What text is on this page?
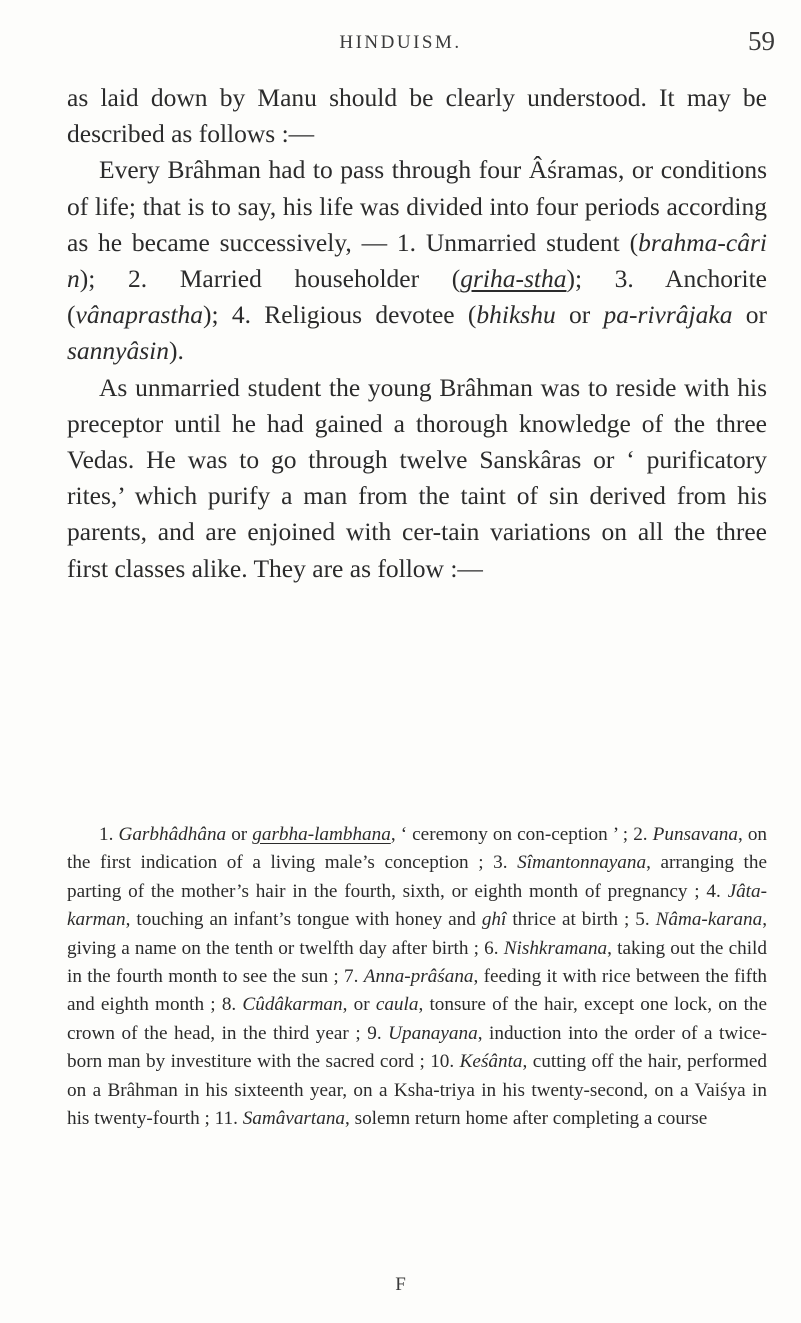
HINDUISM.	59

as laid down by Manu should be clearly understood. It may be described as follows :—

Every Brâhman had to pass through four Âśramas, or conditions of life; that is to say, his life was divided into four periods according as he became successively, — 1. Unmarried student (brahma-câri n); 2. Married householder (griha-stha); 3. Anchorite (vânaprastha); 4. Religious devotee (bhikshu or pa-rivrâjaka or sannyâsin).

As unmarried student the young Brâhman was to reside with his preceptor until he had gained a thorough knowledge of the three Vedas. He was to go through twelve Sanskâras or ‘ purificatory rites,’ which purify a man from the taint of sin derived from his parents, and are enjoined with cer-tain variations on all the three first classes alike. They are as follow :—

1. Garbhâdhâna or garbha-lambhana, ‘ ceremony on con-ception ’ ; 2. Punsavana, on the first indication of a living male’s conception ; 3. Sîmantonnayana, arranging the parting of the mother’s hair in the fourth, sixth, or eighth month of pregnancy ; 4. Jâta-karman, touching an infant’s tongue with honey and ghî thrice at birth ; 5. Nâma-karana, giving a name on the tenth or twelfth day after birth ; 6. Nishkramana, taking out the child in the fourth month to see the sun ; 7. Anna-prâśana, feeding it with rice between the fifth and eighth month ; 8. Cûdâkarman, or caula, tonsure of the hair, except one lock, on the crown of the head, in the third year ; 9. Upanayana, induction into the order of a twice-born man by investiture with the sacred cord ; 10. Keśânta, cutting off the hair, performed on a Brâhman in his sixteenth year, on a Ksha-triya in his twenty-second, on a Vaiśya in his twenty-fourth ; 11. Samâvartana, solemn return home after completing a course

F
